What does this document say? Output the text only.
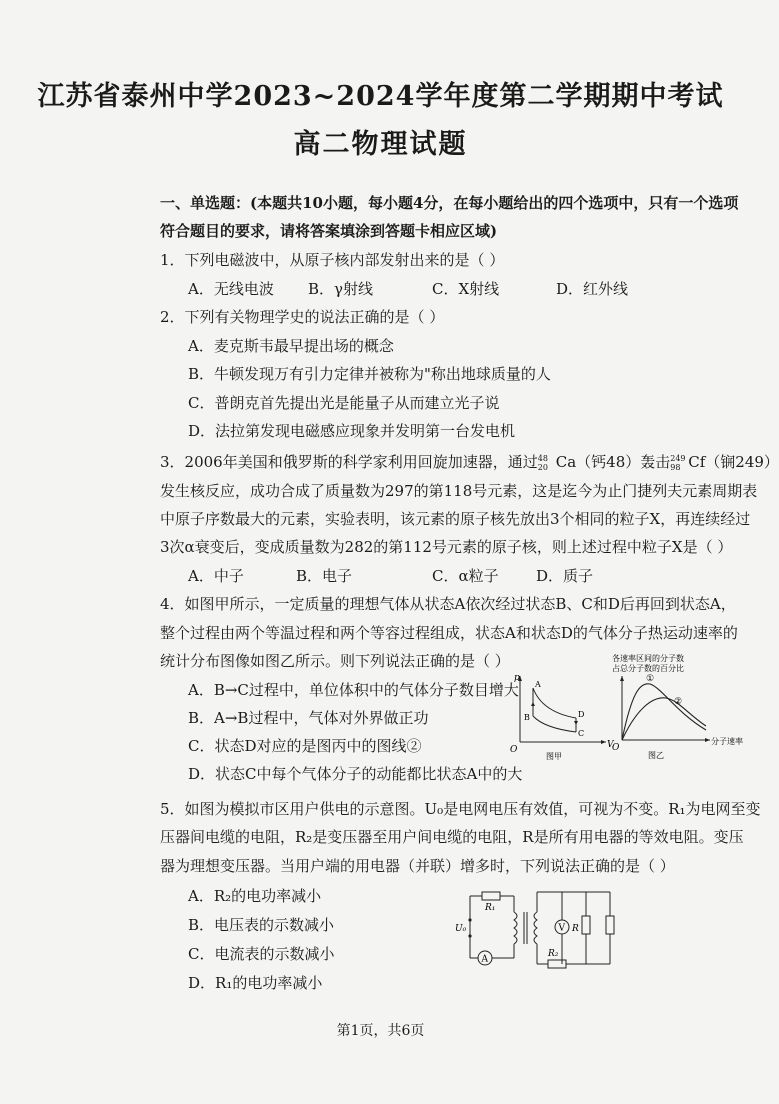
江苏省泰州中学2023~2024学年度第二学期期中考试
高二物理试题
一、单选题：(本题共10小题，每小题4分，在每小题给出的四个选项中，只有一个选项
符合题目的要求，请将答案填涂到答题卡相应区域)
1．下列电磁波中，从原子核内部发射出来的是（ ）
A．无线电波 B．γ射线	C．X射线	D．红外线
2．下列有关物理学史的说法正确的是（ ）
A．麦克斯韦最早提出场的概念
B．牛顿发现万有引力定律并被称为"称出地球质量的人
C．普朗克首先提出光是能量子从而建立光子说
D．法拉第发现电磁感应现象并发明第一台发电机
3．2006年美国和俄罗斯的科学家利用回旋加速器，通过 48
20 Ca（钙48）轰击 249
98 Cf（锎249）
发生核反应，成功合成了质量数为297的第118号元素，这是迄今为止门捷列夫元素周期表
中原子序数最大的元素，实验表明，该元素的原子核先放出3个相同的粒子X，再连续经过
3次α衰变后，变成质量数为282的第112号元素的原子核，则上述过程中粒子X是（ ）
A．中子	B．电子	C．α粒子 D．质子
4．如图甲所示，一定质量的理想气体从状态A依次经过状态B、C和D后再回到状态A，
整个过程由两个等温过程和两个等容过程组成，状态A和状态D的气体分子热运动速率的
统计分布图像如图乙所示。则下列说法正确的是（ ）
A．B→C过程中，单位体积中的气体分子数目增大
B．A→B过程中，气体对外界做正功
C．状态D对应的是图丙中的图线②
D．状态C中每个气体分子的动能都比状态A中的大
p
V
O
A
B
C
D
图甲
各速率区间的分子数
占总分子数的百分比
分子速率
O
①
②
图乙
5．如图为模拟市区用户供电的示意图。U₀是电网电压有效值，可视为不变。R₁为电网至变
压器间电缆的电阻，R₂是变压器至用户间电缆的电阻，R是所有用电器的等效电阻。变压
器为理想变压器。当用户端的用电器（并联）增多时，下列说法正确的是（ ）
A．R₂的电功率减小
B．电压表的示数减小
C．电流表的示数减小
D．R₁的电功率减小
A
U₀
R₁
R₂
V R
第1页，共6页
